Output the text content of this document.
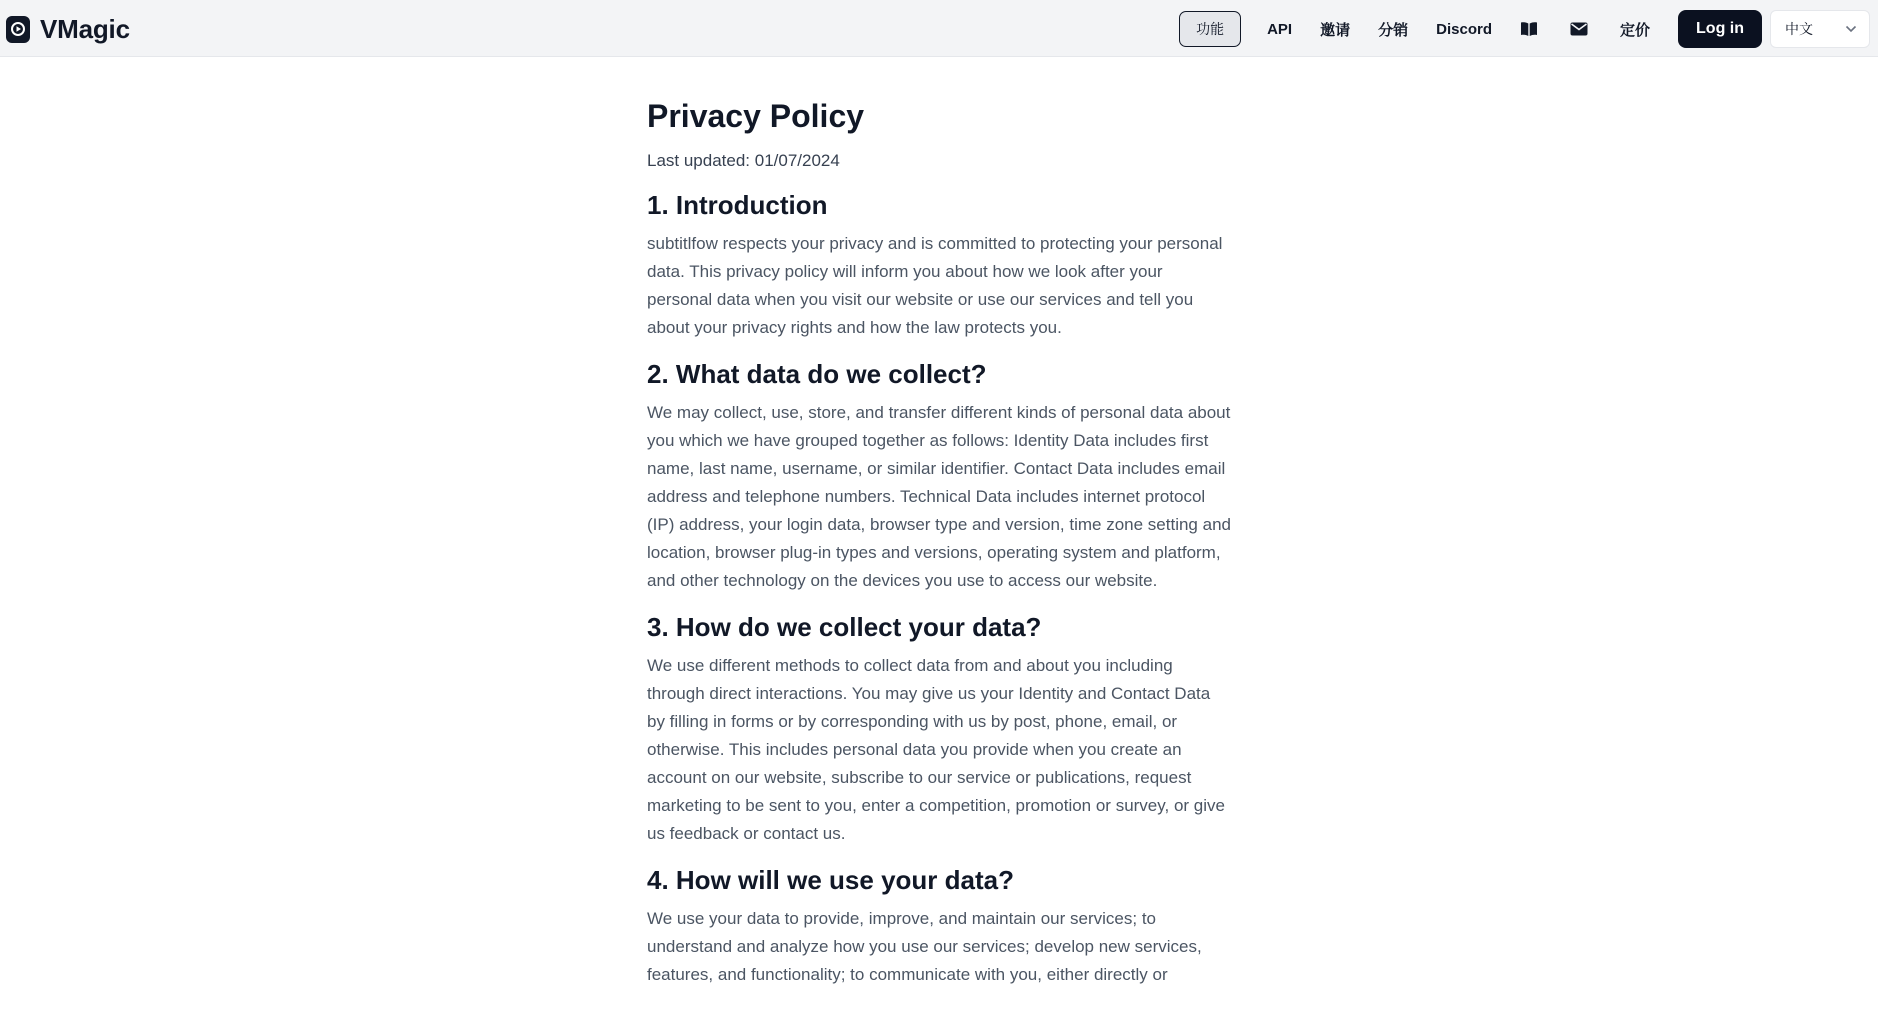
VMagic	功能	API	邀请	分销	Discord	定价	Log in	中文
Privacy Policy
Last updated: 01/07/2024
1. Introduction

subtitlfow respects your privacy and is committed to protecting your personal data. This privacy policy will inform you about how we look after your personal data when you visit our website or use our services and tell you about your privacy rights and how the law protects you.

2. What data do we collect?

We may collect, use, store, and transfer different kinds of personal data about you which we have grouped together as follows: Identity Data includes first name, last name, username, or similar identifier. Contact Data includes email address and telephone numbers. Technical Data includes internet protocol (IP) address, your login data, browser type and version, time zone setting and location, browser plug-in types and versions, operating system and platform, and other technology on the devices you use to access our website.

3. How do we collect your data?

We use different methods to collect data from and about you including through direct interactions. You may give us your Identity and Contact Data by filling in forms or by corresponding with us by post, phone, email, or otherwise. This includes personal data you provide when you create an account on our website, subscribe to our service or publications, request marketing to be sent to you, enter a competition, promotion or survey, or give us feedback or contact us.

4. How will we use your data?

We use your data to provide, improve, and maintain our services; to understand and analyze how you use our services; develop new services, features, and functionality; to communicate with you, either directly or
